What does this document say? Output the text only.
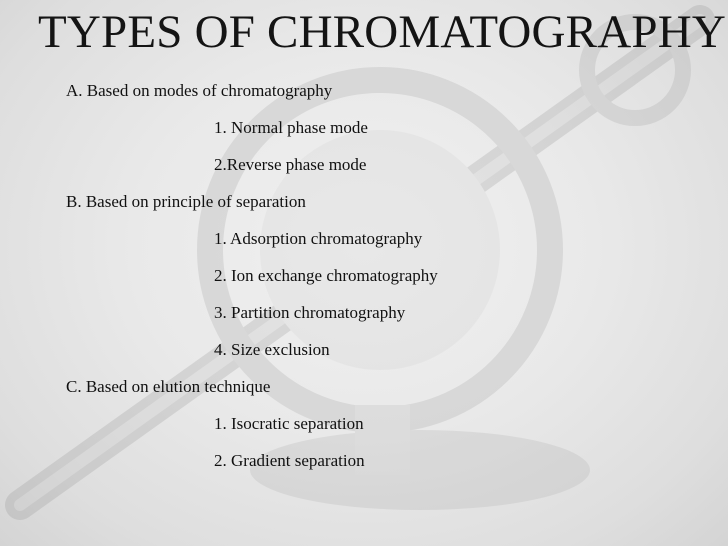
TYPES OF CHROMATOGRAPHY
A. Based on modes of chromatography
1. Normal phase mode
2.Reverse phase mode
B. Based on principle of separation
1. Adsorption chromatography
2. Ion exchange chromatography
3. Partition chromatography
4. Size exclusion
C. Based on elution technique
1. Isocratic separation
2. Gradient separation
